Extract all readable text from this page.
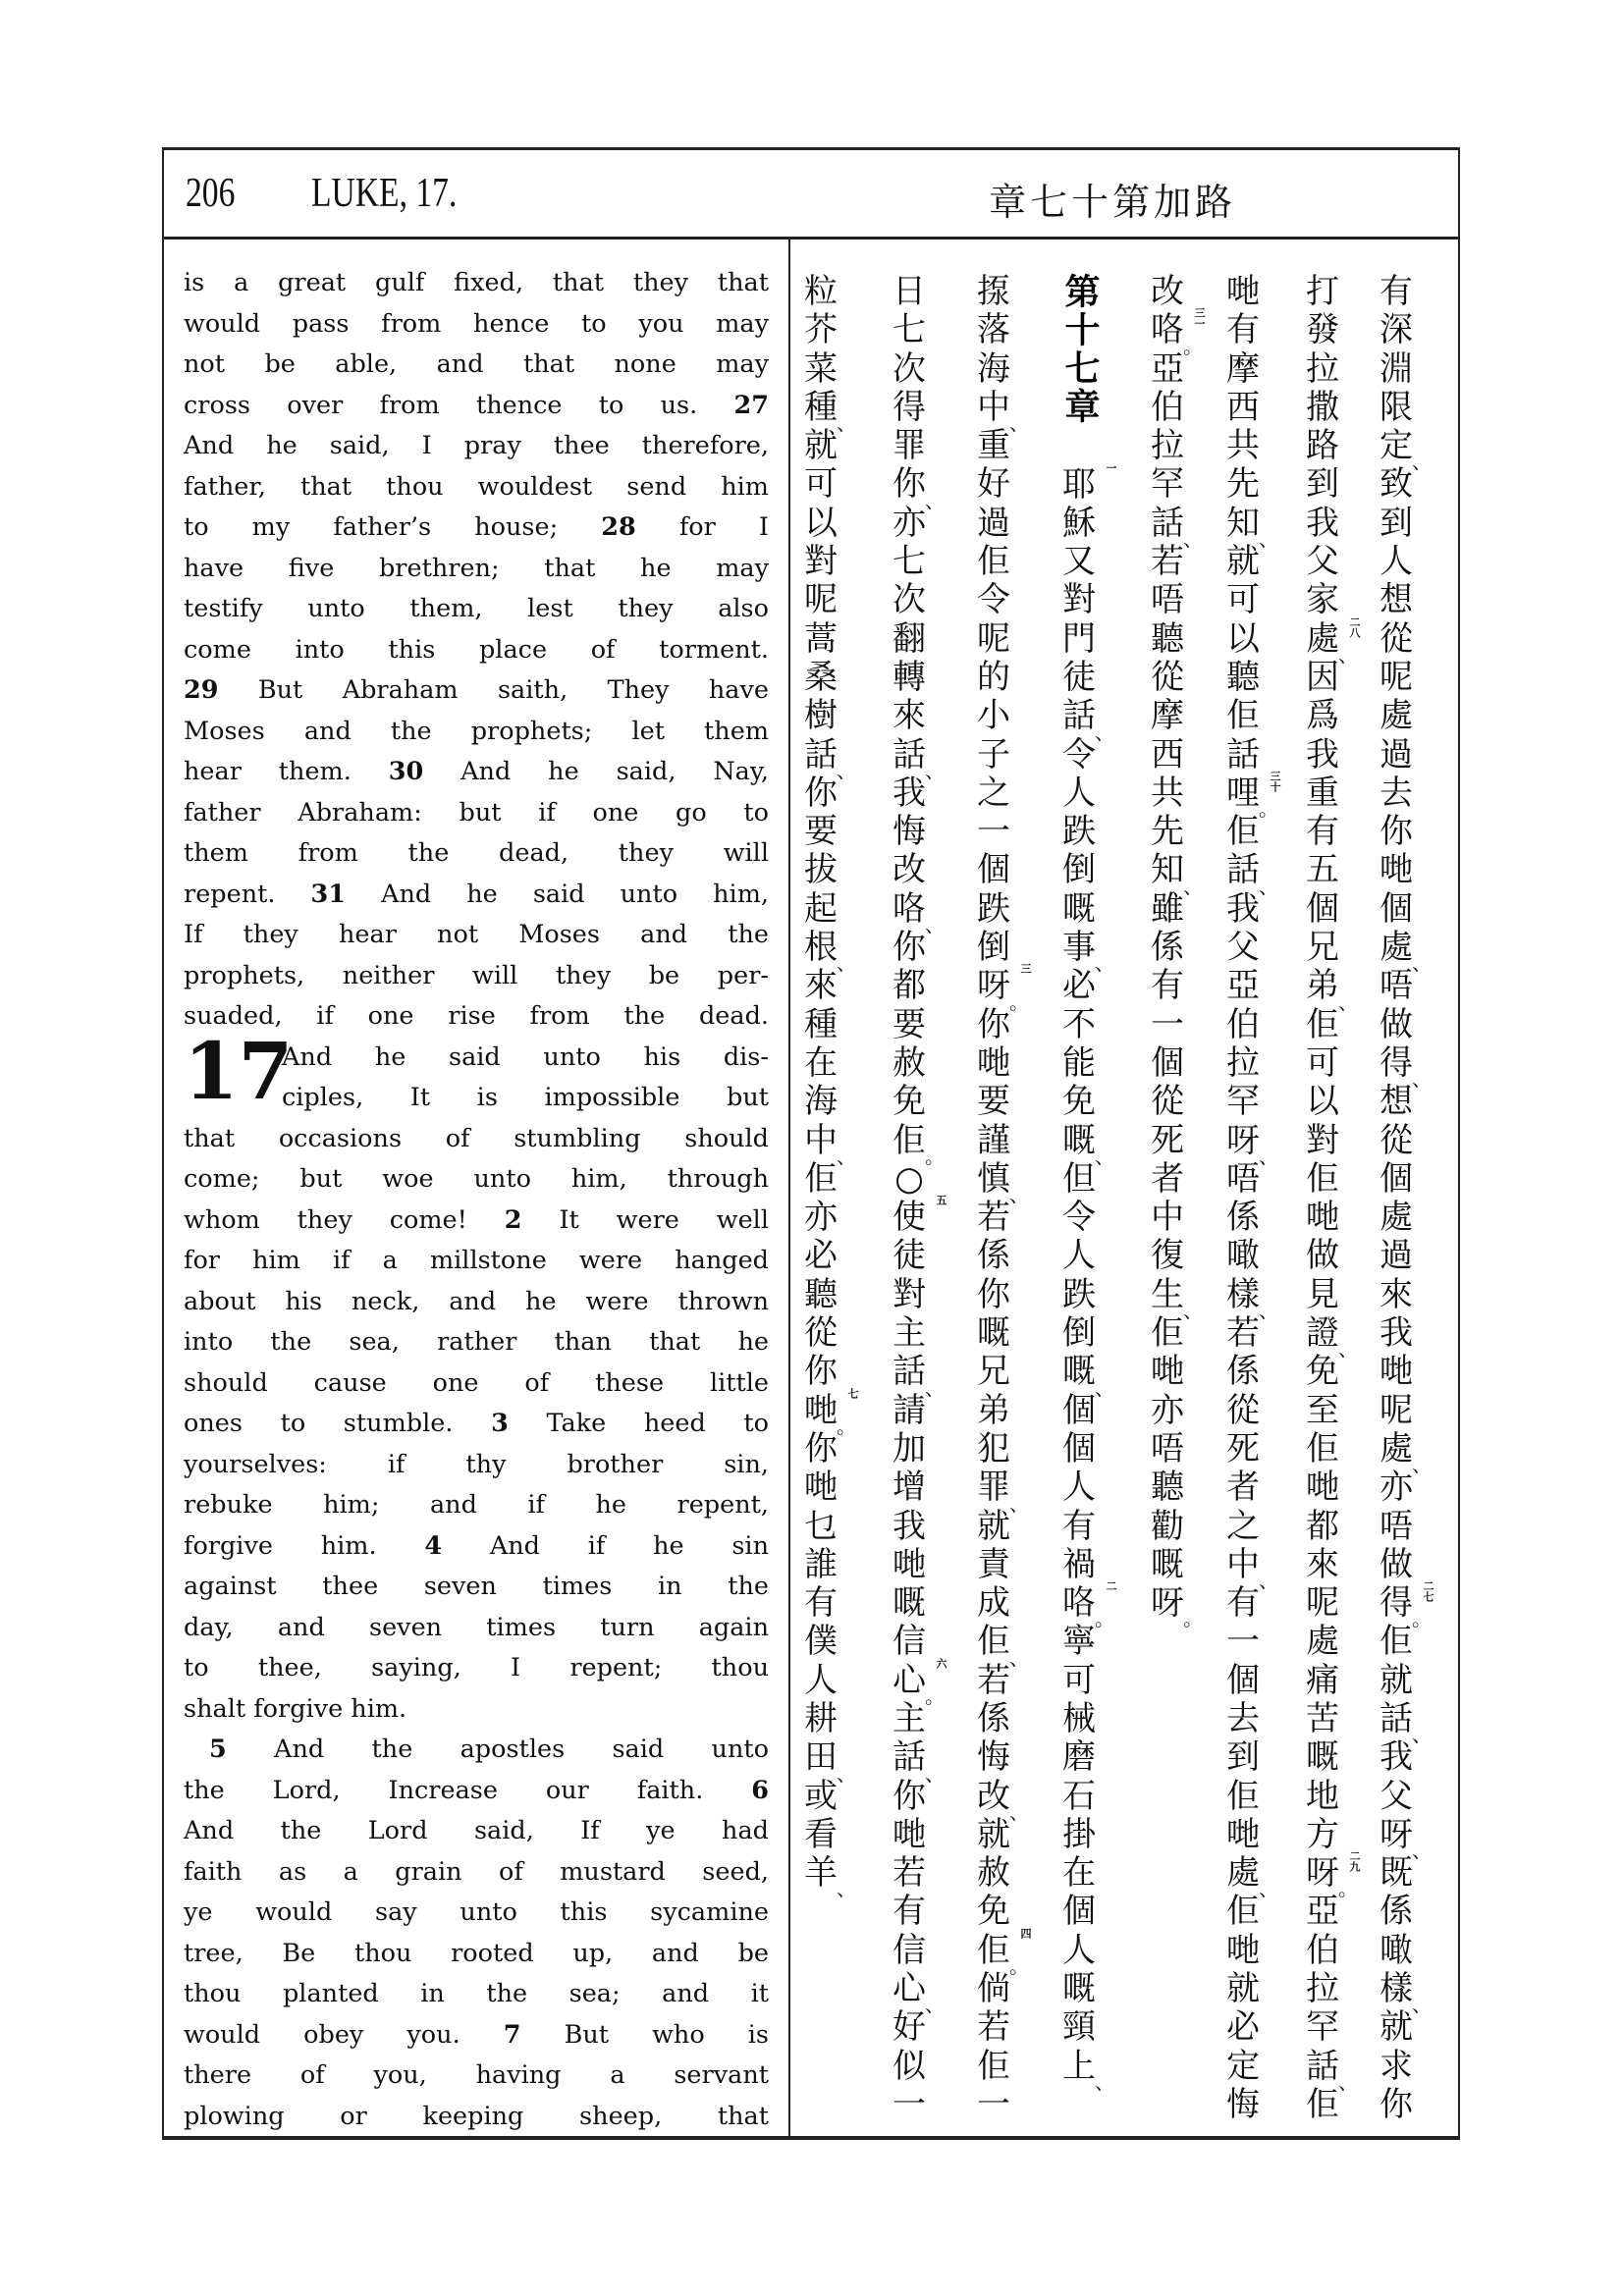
206 LUKE, 17.	章七十第加路
17
is a great gulf fixed, that they that
would pass from hence to you may
not be able, and that none may
cross over from thence to us. 27
And he said, I pray thee therefore,
father, that thou wouldest send him
to my father’s house; 28 for I
have five brethren; that he may
testify unto them, lest they also
come into this place of torment.
29 But Abraham saith, They have
Moses and the prophets; let them
hear them. 30 And he said, Nay,
father Abraham: but if one go to
them from the dead, they will
repent. 31 And he said unto him,
If they hear not Moses and the
prophets, neither will they be per-
suaded, if one rise from the dead.
And he said unto his dis-
ciples, It is impossible but
that occasions of stumbling should
come; but woe unto him, through
whom they come! 2 It were well
for him if a millstone were hanged
about his neck, and he were thrown
into the sea, rather than that he
should cause one of these little
ones to stumble. 3 Take heed to
yourselves: if thy brother sin,
rebuke him; and if he repent,
forgive him. 4 And if he sin
against thee seven times in the
day, and seven times turn again
to thee, saying, I repent; thou
shalt forgive him.
5 And the apostles said unto
the Lord, Increase our faith. 6
And the Lord said, If ye had
faith as a grain of mustard seed,
ye would say unto this sycamine
tree, Be thou rooted up, and be
thou planted in the sea; and it
would obey you. 7 But who is
there of you, having a servant
plowing or keeping sheep, that
第十七章	有
深
淵
限
定 、
致
到
人
想
從
呢
處
過
去
你
哋
個
處 、
唔
做
得 、
想
從
個
處
過
來
我
哋
呢
處 、
亦
唔
做
得 。
二七
佢
就
話 、
我
父
呀 、
既
係
噉
樣 、
就
求
你
打
發
拉
撒
路
到
我
父
家
處 、
二八
因
爲
我
重
有
五
個
兄
弟 、
佢
可
以
對
佢
哋
做
見
證 、
免
至
佢
哋
都
來
呢
處
痛
苦
嘅
地
方
呀 。
二九
亞
伯
拉
罕
話 、
佢
哋
有
摩
西
共
先
知 、
就
可
以
聽
佢
話
哩 。
三十
佢
話 、
我
父
亞
伯
拉
罕
呀 、
唔
係
噉
樣 、
若
係
從
死
者
之
中 、
有
一
個
去
到
佢
哋
處 、
佢
哋
就
必
定
悔
改
咯 。
三一
亞
伯
拉
罕
話 、
若
唔
聽
從
摩
西
共
先
知 、
雖
係
有
一
個
從
死
者
中
復
生 、
佢
哋
亦
唔
聽
勸
嘅
呀 。
耶 一
穌
又
對
門
徒
話 、
令
人
跌
倒
嘅
事 、
必
不
能
免
嘅 、
但
令
人
跌
倒
嘅 、
個
個
人
有
禍
咯 。
二
寧
可
械
磨
石
掛
在
個
人
嘅
頸
上 、
揼
落
海
中 、
重
好
過
佢
令
呢
的
小
子
之
一
個
跌
倒
呀 。
三
你
哋
要
謹
慎 、
若
係
你
嘅
兄
弟
犯
罪 、
就
責
成
佢 、
若
係
悔
改 、
就
赦
免
佢 。
四
倘
若
佢
一
日
七
次
得
罪
你 、
亦
七
次
翻
轉
來
話 、
我
悔
改
咯 、
你
都
要
赦
免
佢 。
○
使 五
徒
對
主
話 、
請
加
增
我
哋
嘅
信
心 。
六
主
話 、
你
哋
若
有
信
心 、
好
似
一
粒
芥
菜
種 、
就
可
以
對
呢
蒿
桑
樹
話 、
你
要
拔
起
根 、
來
種
在
海
中 、
佢
亦
必
聽
從
你
哋 。
七
你
哋
乜
誰
有
僕
人
耕
田 、
或
看
羊 、
